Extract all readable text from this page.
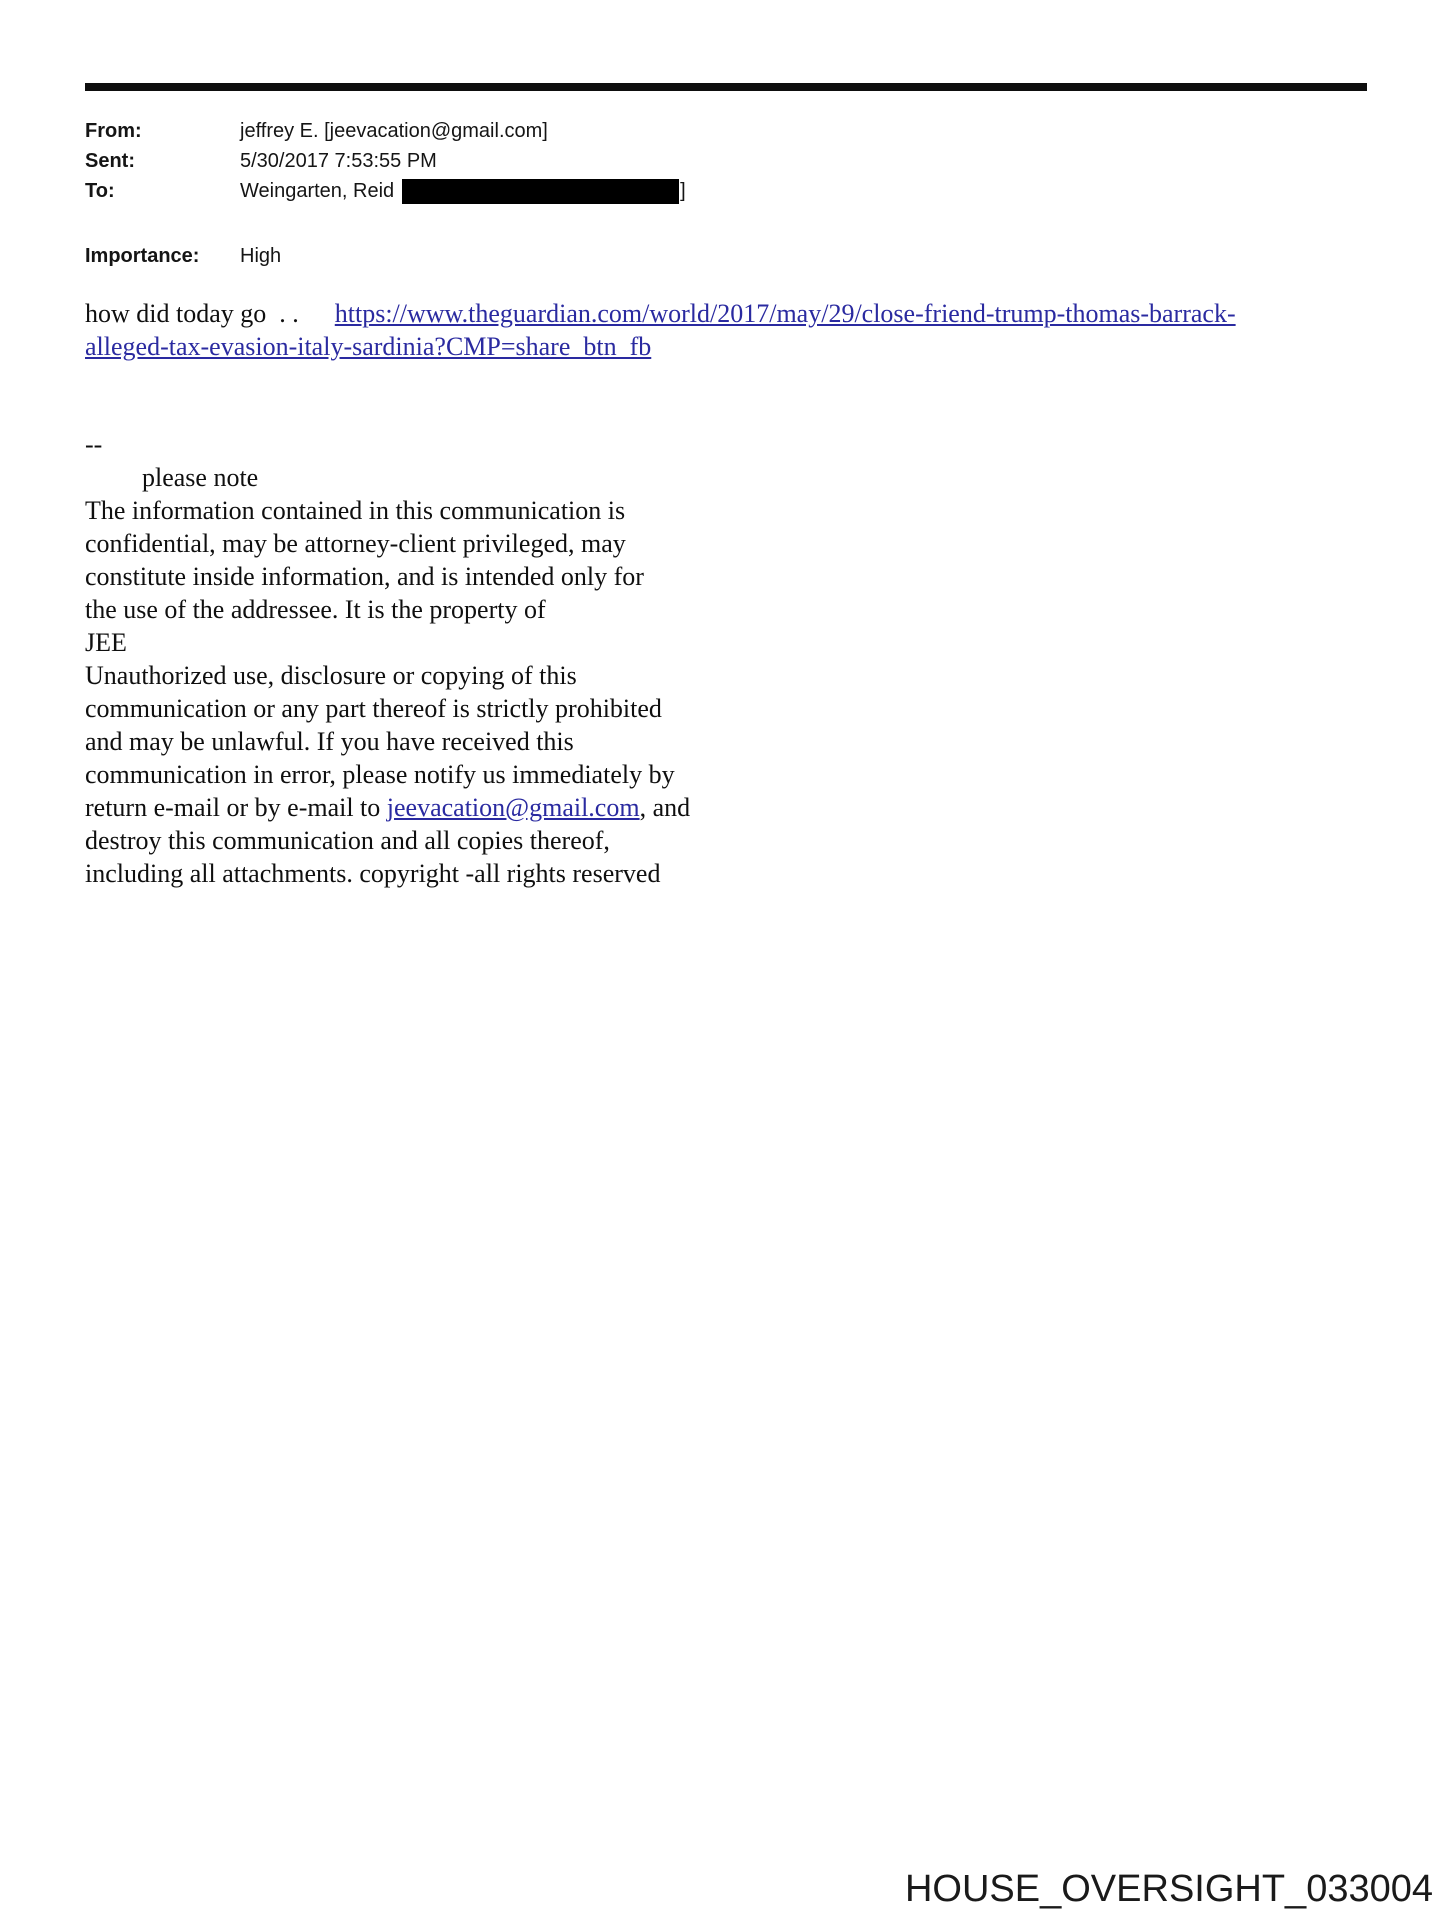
From:	jeffrey E. [jeevacation@gmail.com]
Sent:	5/30/2017 7:53:55 PM
To:	Weingarten, Reid	]
Importance:	High
how did today go  . . https://www.theguardian.com/world/2017/may/29/close-friend-trump-thomas-barrack-
alleged-tax-evasion-italy-sardinia?CMP=share_btn_fb
--
please note
The information contained in this communication is
confidential, may be attorney-client privileged, may
constitute inside information, and is intended only for
the use of the addressee. It is the property of
JEE
Unauthorized use, disclosure or copying of this
communication or any part thereof is strictly prohibited
and may be unlawful. If you have received this
communication in error, please notify us immediately by
return e-mail or by e-mail to jeevacation@gmail.com, and
destroy this communication and all copies thereof,
including all attachments. copyright -all rights reserved
HOUSE_OVERSIGHT_033004
